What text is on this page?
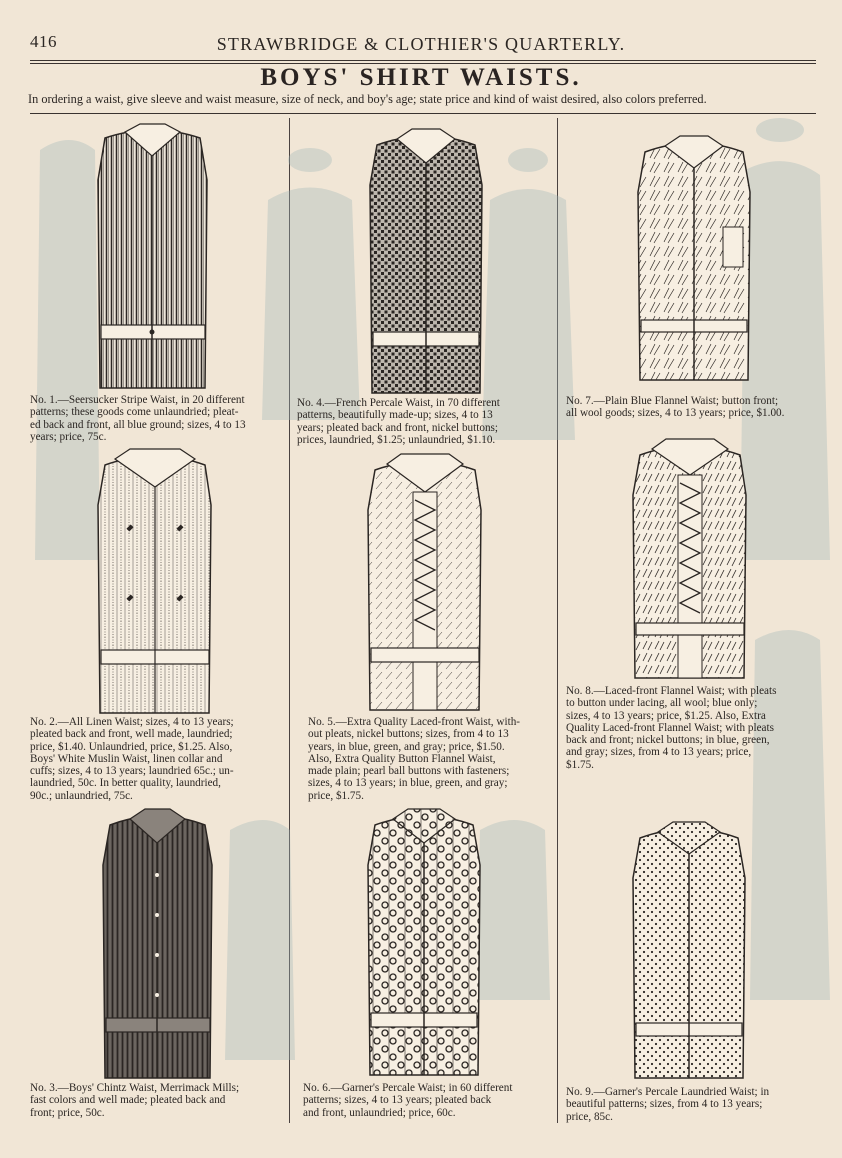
416	STRAWBRIDGE & CLOTHIER'S QUARTERLY.
BOYS' SHIRT WAISTS.
In ordering a waist, give sleeve and waist measure, size of neck, and boy's age; state price and kind of waist desired, also colors preferred.
No. 1.—Seersucker Stripe Waist, in 20 different
patterns; these goods come unlaundried; pleat-
ed back and front, all blue ground; sizes, 4 to 13
years; price, 75c.
No. 2.—All Linen Waist; sizes, 4 to 13 years;
pleated back and front, well made, laundried;
price, $1.40. Unlaundried, price, $1.25. Also,
Boys' White Muslin Waist, linen collar and
cuffs; sizes, 4 to 13 years; laundried 65c.; un-
laundried, 50c. In better quality, laundried,
90c.; unlaundried, 75c.
No. 3.—Boys' Chintz Waist, Merrimack Mills;
fast colors and well made; pleated back and
front; price, 50c.
No. 4.—French Percale Waist, in 70 different
patterns, beautifully made-up; sizes, 4 to 13
years; pleated back and front, nickel buttons;
prices, laundried, $1.25; unlaundried, $1.10.
No. 5.—Extra Quality Laced-front Waist, with-
out pleats, nickel buttons; sizes, from 4 to 13
years, in blue, green, and gray; price, $1.50.
Also, Extra Quality Button Flannel Waist,
made plain; pearl ball buttons with fasteners;
sizes, 4 to 13 years; in blue, green, and gray;
price, $1.75.
No. 6.—Garner's Percale Waist; in 60 different
patterns; sizes, 4 to 13 years; pleated back
and front, unlaundried; price, 60c.
No. 7.—Plain Blue Flannel Waist; button front;
all wool goods; sizes, 4 to 13 years; price, $1.00.
No. 8.—Laced-front Flannel Waist; with pleats
to button under lacing, all wool; blue only;
sizes, 4 to 13 years; price, $1.25. Also, Extra
Quality Laced-front Flannel Waist; with pleats
back and front; nickel buttons; in blue, green,
and gray; sizes, from 4 to 13 years; price,
$1.75.
No. 9.—Garner's Percale Laundried Waist; in
beautiful patterns; sizes, from 4 to 13 years;
price, 85c.
